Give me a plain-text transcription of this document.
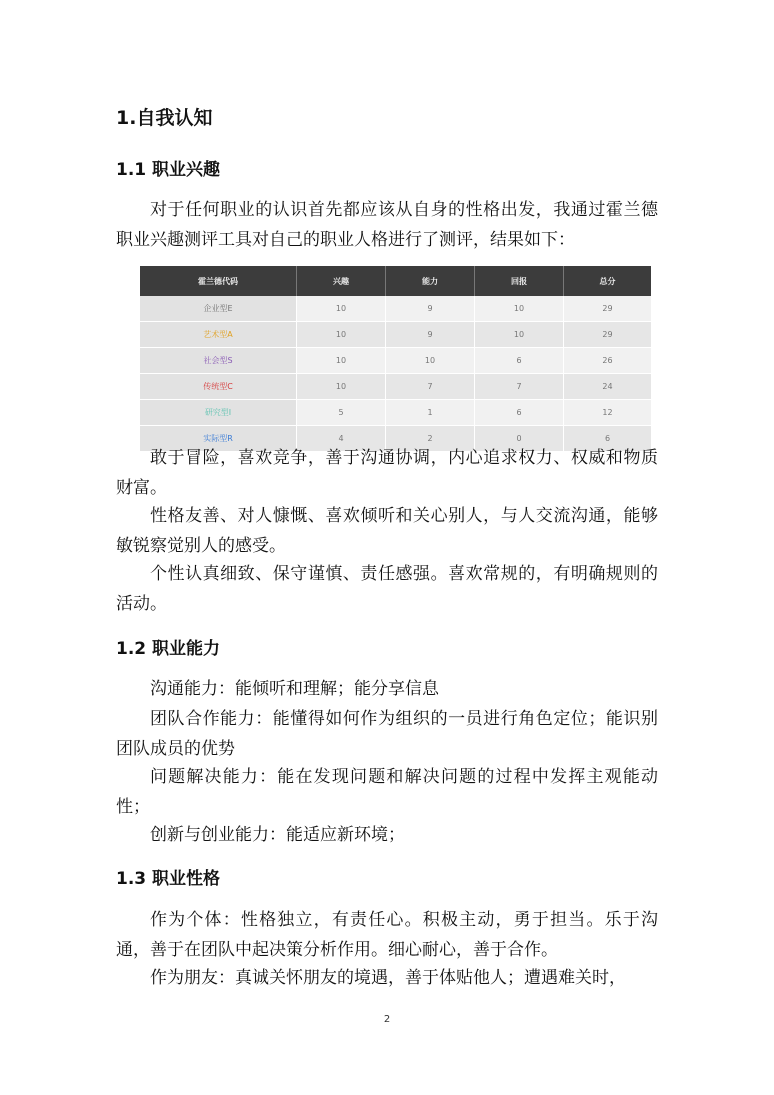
1.自我认知
1.1 职业兴趣

对于任何职业的认识首先都应该从自身的性格出发，我通过霍兰德职业兴趣测评工具对自己的职业人格进行了测评，结果如下：

霍兰德代码	兴趣	能力	回报	总分
企业型E	10	9	10	29
艺术型A	10	9	10	29
社会型S	10	10	6	26
传统型C	10	7	7	24
研究型I	5	1	6	12
实际型R	4	2	0	6

敢于冒险，喜欢竞争，善于沟通协调，内心追求权力、权威和物质财富。

性格友善、对人慷慨、喜欢倾听和关心别人，与人交流沟通，能够敏锐察觉别人的感受。

个性认真细致、保守谨慎、责任感强。喜欢常规的，有明确规则的活动。

1.2 职业能力

沟通能力：能倾听和理解；能分享信息

团队合作能力：能懂得如何作为组织的一员进行角色定位；能识别团队成员的优势

问题解决能力：能在发现问题和解决问题的过程中发挥主观能动性；

创新与创业能力：能适应新环境；

1.3 职业性格

作为个体：性格独立，有责任心。积极主动，勇于担当。乐于沟通，善于在团队中起决策分析作用。细心耐心，善于合作。

作为朋友：真诚关怀朋友的境遇，善于体贴他人；遭遇难关时，

2
